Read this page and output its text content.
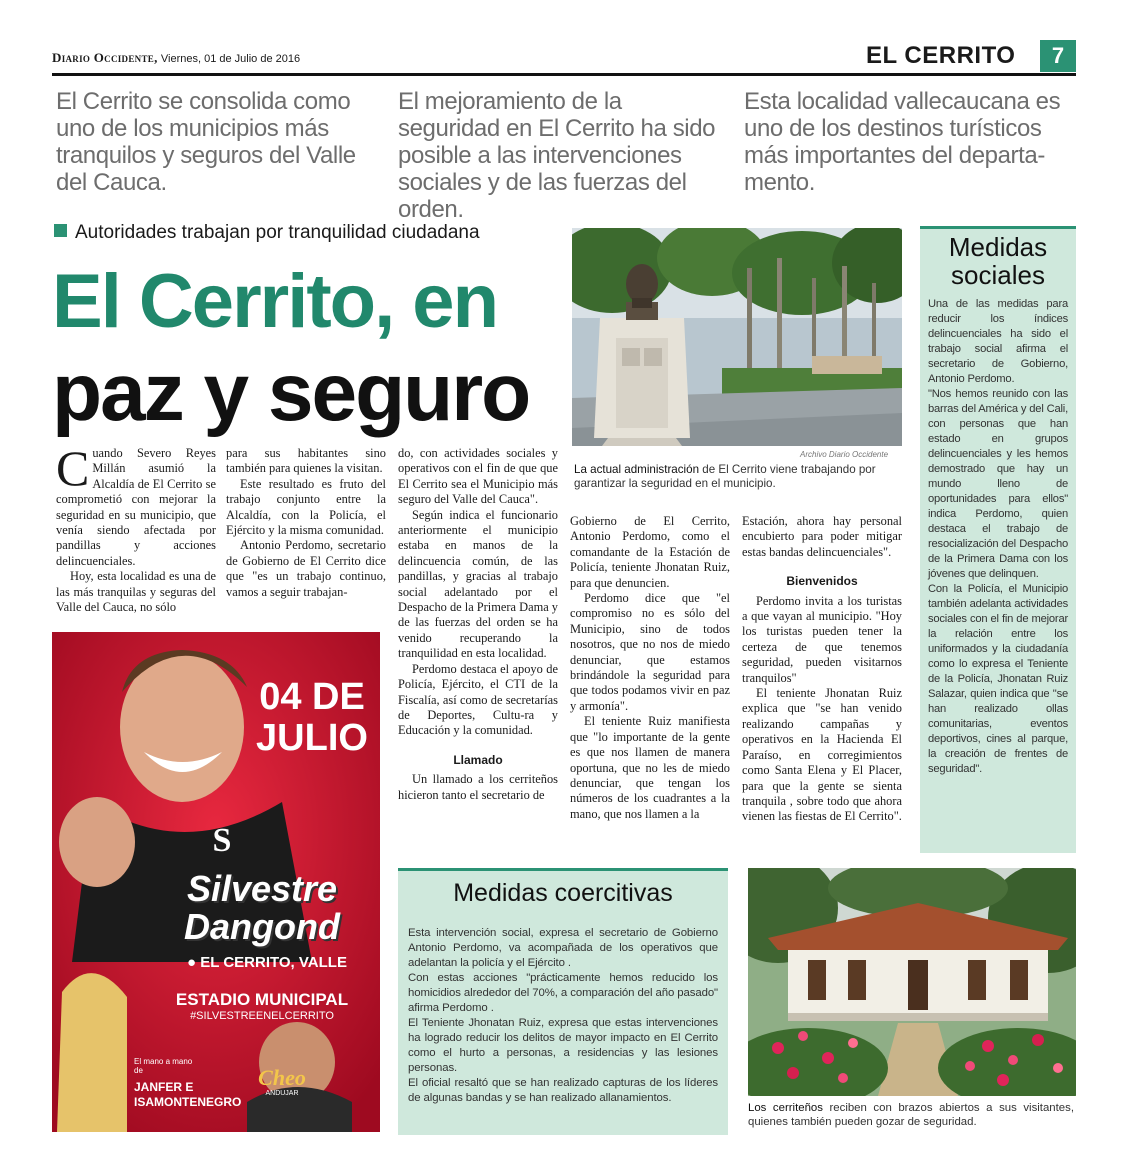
Diario Occidente, Viernes, 01 de Julio de 2016	EL CERRITO	7
El Cerrito se consolida como uno de los municipios más tranquilos y seguros del Valle del Cauca.
El mejoramiento de la seguridad en El Cerrito ha sido posible a las intervenciones sociales y de las fuerzas del orden.
Esta localidad vallecaucana es uno de los destinos turísticos más importantes del departa-mento.
Autoridades trabajan por tranquilidad ciudadana
El Cerrito, en
paz y seguro

Cuando Severo Reyes Millán asumió la Alcaldía de El Cerrito se comprometió con mejorar la seguridad en su municipio, que venía siendo afectada por pandillas y acciones delincuenciales.

Hoy, esta localidad es una de las más tranquilas y seguras del Valle del Cauca, no sólo

para sus habitantes sino también para quienes la visitan.

Este resultado es fruto del trabajo conjunto entre la Alcaldía, con la Policía, el Ejército y la misma comunidad.

Antonio Perdomo, secretario de Gobierno de El Cerrito dice que "es un trabajo continuo, vamos a seguir trabajan-

do, con actividades sociales y operativos con el fin de que que El Cerrito sea el Municipio más seguro del Valle del Cauca".

Según indica el funcionario anteriormente el municipio estaba en manos de la delincuencia común, de las pandillas, y gracias al trabajo social adelantado por el Despacho de la Primera Dama y de las fuerzas del orden se ha venido recuperando la tranquilidad en esta localidad.

Perdomo destaca el apoyo de Policía, Ejército, el CTI de la Fiscalía, así como de secretarías de Deportes, Cultu-ra y Educación y la comunidad.

Llamado

Un llamado a los cerriteños hicieron tanto el secretario de

Gobierno de El Cerrito, Antonio Perdomo, como el comandante de la Estación de Policía, teniente Jhonatan Ruiz, para que denuncien.

Perdomo dice que "el compromiso no es sólo del Municipio, sino de todos nosotros, que no nos de miedo denunciar, que estamos brindándole la seguridad para que todos podamos vivir en paz y armonía".

El teniente Ruiz manifiesta que "lo importante de la gente es que nos llamen de manera oportuna, que no les de miedo denunciar, que tengan los números de los cuadrantes a la mano, que nos llamen a la

Estación, ahora hay personal encubierto para poder mitigar estas bandas delincuenciales".

Bienvenidos

Perdomo invita a los turistas a que vayan al municipio. "Hoy los turistas pueden tener la certeza de que tenemos seguridad, pueden visitarnos tranquilos"

El teniente Jhonatan Ruiz explica que "se han venido realizando campañas y operativos en la Hacienda El Paraíso, en corregimientos como Santa Elena y El Placer, para que la gente se sienta tranquila , sobre todo que ahora vienen las fiestas de El Cerrito".

Archivo Diario Occidente
La actual administración de El Cerrito viene trabajando por garantizar la seguridad en el municipio.
Medidas sociales

Una de las medidas para reducir los índices delincuenciales ha sido el trabajo social afirma el secretario de Gobierno, Antonio Perdomo.

"Nos hemos reunido con las barras del América y del Cali, con personas que han estado en grupos delincuenciales y les hemos demostrado que hay un mundo lleno de oportunidades para ellos" indica Perdomo, quien destaca el trabajo de resocialización del Despacho de la Primera Dama con los jóvenes que delinquen.

Con la Policía, el Municipio también adelanta actividades sociales con el fin de mejorar la relación entre los uniformados y la ciudadanía como lo expresa el Teniente de la Policía, Jhonatan Ruiz Salazar, quien indica que "se han realizado ollas comunitarias, eventos deportivos, cines al parque, la creación de frentes de seguridad".

04 DE
JULIO
S
Silvestre
Dangond
● EL CERRITO, VALLE
ESTADIO MUNICIPAL
#SILVESTREENELCERRITO
El mano a mano de
JANFER E ISAMONTENEGRO
Cheo
ANDUJAR
Medidas coercitivas

Esta intervención social, expresa el secretario de Gobierno Antonio Perdomo, va acompañada de los operativos que adelantan la policía y el Ejército .

Con estas acciones "prácticamente hemos reducido los homicidios alrededor del 70%, a comparación del año pasado" afirma Perdomo .

El Teniente Jhonatan Ruiz, expresa que estas intervenciones ha logrado reducir los delitos de mayor impacto en El Cerrito como el hurto a personas, a residencias y las lesiones personas.

El oficial resaltó que se han realizado capturas de los líderes de algunas bandas y se han realizado allanamientos.

Los cerriteños reciben con brazos abiertos a sus visitantes, quienes también pueden gozar de seguridad.
